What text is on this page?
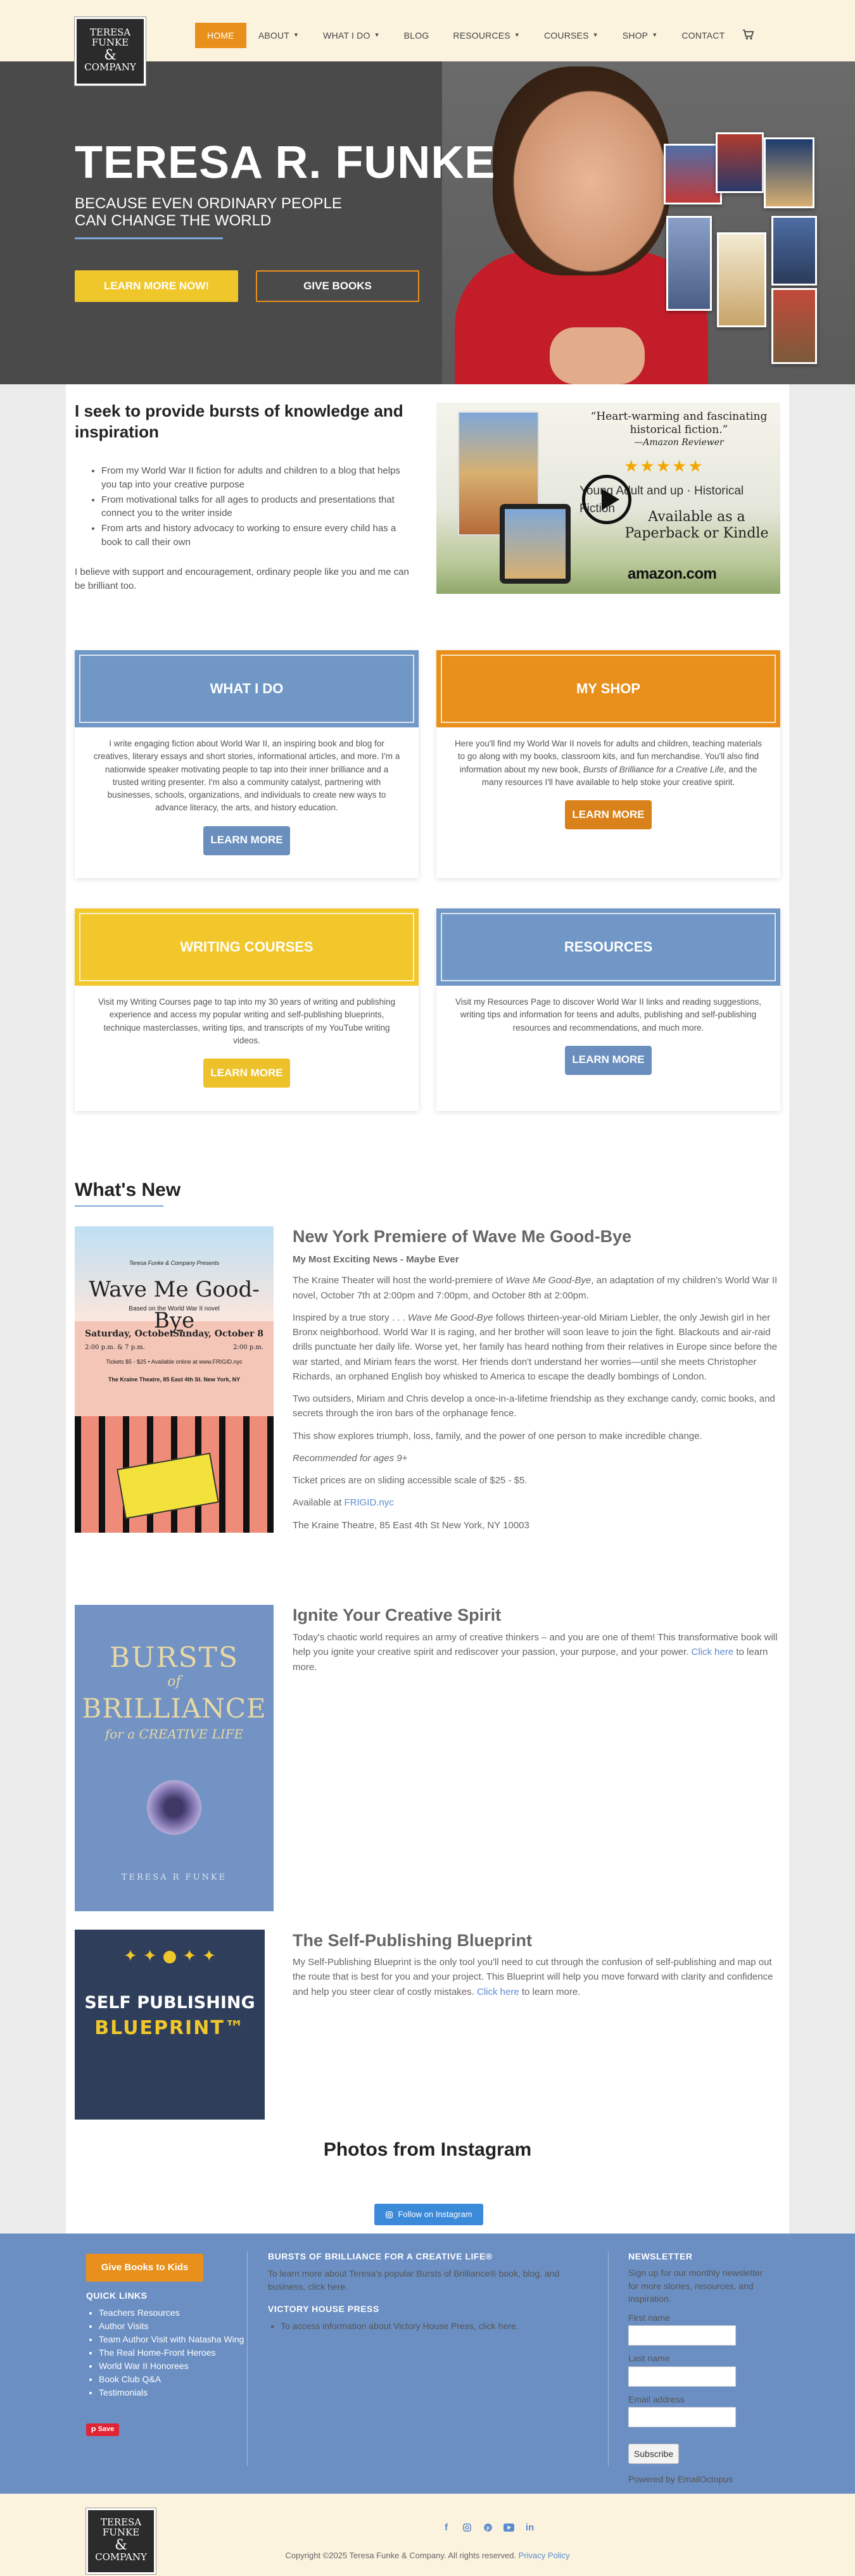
HOME	ABOUT ▼	WHAT I DO ▼	BLOG	RESOURCES ▼	COURSES ▼	SHOP ▼	CONTACT
TERESA
FUNKE
&
COMPANY
TERESA R. FUNKE
BECAUSE EVEN ORDINARY PEOPLE
CAN CHANGE THE WORLD
LEARN MORE NOW!	GIVE BOOKS
I seek to provide bursts of knowledge and
inspiration
• From my World War II fiction for adults and children to a blog that helps you tap into your creative purpose
• From motivational talks for all ages to products and presentations that connect you to the writer inside
• From arts and history advocacy to working to ensure every child has a book to call their own

I believe with support and encouragement, ordinary people like you and me can be brilliant too.

“Heart-warming and fascinating historical fiction.”
—Amazon Reviewer
★★★★★
Young Adult and up · Historical Fiction
Available as a Paperback or Kindle
amazon.com
WHAT I DO
I write engaging fiction about World War II, an inspiring book and blog for creatives, literary essays and short stories, informational articles, and more. I'm a nationwide speaker motivating people to tap into their inner brilliance and a trusted writing presenter. I'm also a community catalyst, partnering with businesses, schools, organizations, and individuals to create new ways to advance literacy, the arts, and history education.
LEARN MORE
MY SHOP
Here you'll find my World War II novels for adults and children, teaching materials to go along with my books, classroom kits, and fun merchandise. You'll also find information about my new book, Bursts of Brilliance for a Creative Life, and the many resources I'll have available to help stoke your creative spirit.
LEARN MORE
WRITING COURSES
Visit my Writing Courses page to tap into my 30 years of writing and publishing experience and access my popular writing and self-publishing blueprints, technique masterclasses, writing tips, and transcripts of my YouTube writing videos.
LEARN MORE
RESOURCES
Visit my Resources Page to discover World War II links and reading suggestions, writing tips and information for teens and adults, publishing and self-publishing resources and recommendations, and much more.
LEARN MORE
What's New
Teresa Funke & Company Presents
Wave Me Good-Bye
Based on the World War II novel
Saturday, October 7
2:00 p.m. & 7 p.m.
Sunday, October 8
2:00 p.m.
Tickets $5 - $25 • Available online at www.FRIGID.nyc
The Kraine Theatre, 85 East 4th St. New York, NY
New York Premiere of Wave Me Good-Bye

My Most Exciting News - Maybe Ever

The Kraine Theater will host the world-premiere of Wave Me Good-Bye, an adaptation of my children's World War II novel, October 7th at 2:00pm and 7:00pm, and October 8th at 2:00pm.

Inspired by a true story . . . Wave Me Good-Bye follows thirteen-year-old Miriam Liebler, the only Jewish girl in her Bronx neighborhood. World War II is raging, and her brother will soon leave to join the fight. Blackouts and air-raid drills punctuate her daily life. Worse yet, her family has heard nothing from their relatives in Europe since before the war started, and Miriam fears the worst. Her friends don't understand her worries—until she meets Christopher Richards, an orphaned English boy whisked to America to escape the deadly bombings of London.

Two outsiders, Miriam and Chris develop a once-in-a-lifetime friendship as they exchange candy, comic books, and secrets through the iron bars of the orphanage fence.

This show explores triumph, loss, family, and the power of one person to make incredible change.

Recommended for ages 9+

Ticket prices are on sliding accessible scale of $25 - $5.

Available at FRIGID.nyc

The Kraine Theatre, 85 East 4th St New York, NY 10003

BURSTS
of
BRILLIANCE
for a CREATIVE LIFE
TERESA R FUNKE
Ignite Your Creative Spirit

Today's chaotic world requires an army of creative thinkers – and you are one of them! This transformative book will help you ignite your creative spirit and rediscover your passion, your purpose, and your power. Click here to learn more.

✦ ✦ ● ✦ ✦
SELF PUBLISHING
BLUEPRINT™
The Self-Publishing Blueprint

My Self-Publishing Blueprint is the only tool you'll need to cut through the confusion of self-publishing and map out the route that is best for you and your project. This Blueprint will help you move forward with clarity and confidence and help you steer clear of costly mistakes. Click here to learn more.

Photos from Instagram
Follow on Instagram
Give Books to Kids
QUICK LINKS
• Teachers Resources
• Author Visits
• Team Author Visit with Natasha Wing
• The Real Home-Front Heroes
• World War II Honorees
• Book Club Q&A
• Testimonials
𝗽 Save
BURSTS OF BRILLIANCE FOR A CREATIVE LIFE®

To learn more about Teresa's popular Bursts of Brilliance® book, blog, and business, click here.

VICTORY HOUSE PRESS
• To access information about Victory House Press, click here.
NEWSLETTER

Sign up for our monthly newsletter for more stories, resources, and inspiration.

First name
Last name
Email address
Subscribe
Powered by EmailOctopus
TERESA
FUNKE
&
COMPANY
f	p	in
Copyright ©2025 Teresa Funke & Company. All rights reserved. Privacy Policy
